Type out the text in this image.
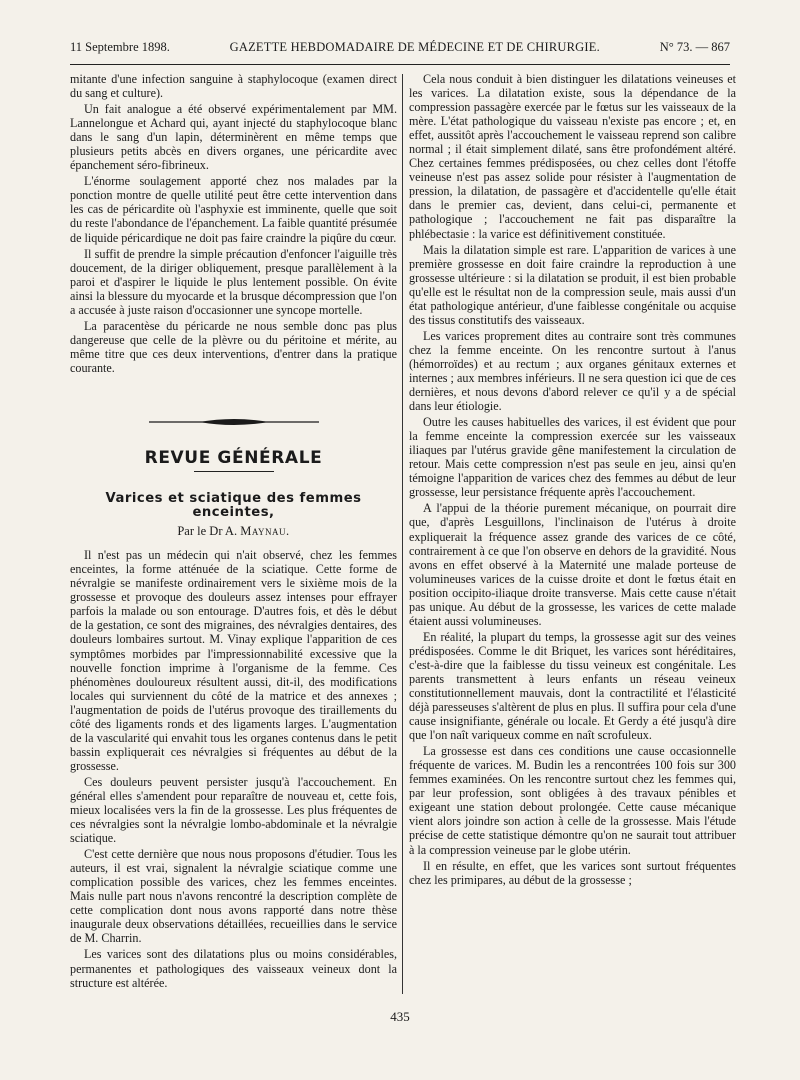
11 Septembre 1898.	GAZETTE HEBDOMADAIRE DE MÉDECINE ET DE CHIRURGIE.	N° 73. — 867

mitante d'une infection sanguine à staphylocoque (examen direct du sang et culture).

Un fait analogue a été observé expérimentalement par MM. Lannelongue et Achard qui, ayant injecté du staphylocoque blanc dans le sang d'un lapin, déterminèrent en même temps que plusieurs petits abcès en divers organes, une péricardite avec épanchement séro-fibrineux.

L'énorme soulagement apporté chez nos malades par la ponction montre de quelle utilité peut être cette intervention dans les cas de péricardite où l'asphyxie est imminente, quelle que soit du reste l'abondance de l'épanchement. La faible quantité présumée de liquide péricardique ne doit pas faire craindre la piqûre du cœur.

Il suffit de prendre la simple précaution d'enfoncer l'aiguille très doucement, de la diriger obliquement, presque parallèlement à la paroi et d'aspirer le liquide le plus lentement possible. On évite ainsi la blessure du myocarde et la brusque décompression que l'on a accusée à juste raison d'occasionner une syncope mortelle.

La paracentèse du péricarde ne nous semble donc pas plus dangereuse que celle de la plèvre ou du péritoine et mérite, au même titre que ces deux interventions, d'entrer dans la pratique courante.

REVUE GÉNÉRALE
Varices et sciatique des femmes enceintes,
Par le Dr A. Maynau.

Il n'est pas un médecin qui n'ait observé, chez les femmes enceintes, la forme atténuée de la sciatique. Cette forme de névralgie se manifeste ordinairement vers le sixième mois de la grossesse et provoque des douleurs assez intenses pour effrayer parfois la malade ou son entourage. D'autres fois, et dès le début de la gestation, ce sont des migraines, des névralgies dentaires, des douleurs lombaires surtout. M. Vinay explique l'apparition de ces symptômes morbides par l'impressionnabilité excessive que la nouvelle fonction imprime à l'organisme de la femme. Ces phénomènes douloureux résultent aussi, dit-il, des modifications locales qui surviennent du côté de la matrice et des annexes ; l'augmentation de poids de l'utérus provoque des tiraillements du côté des ligaments ronds et des ligaments larges. L'augmentation de la vascularité qui envahit tous les organes contenus dans le petit bassin expliquerait ces névralgies si fréquentes au début de la grossesse.

Ces douleurs peuvent persister jusqu'à l'accouchement. En général elles s'amendent pour reparaître de nouveau et, cette fois, mieux localisées vers la fin de la grossesse. Les plus fréquentes de ces névralgies sont la névralgie lombo-abdominale et la névralgie sciatique.

C'est cette dernière que nous nous proposons d'étudier. Tous les auteurs, il est vrai, signalent la névralgie sciatique comme une complication possible des varices, chez les femmes enceintes. Mais nulle part nous n'avons rencontré la description complète de cette complication dont nous avons rapporté dans notre thèse inaugurale deux observations détaillées, recueillies dans le service de M. Charrin.

Les varices sont des dilatations plus ou moins considérables, permanentes et pathologiques des vaisseaux veineux dont la structure est altérée.

Cela nous conduit à bien distinguer les dilatations veineuses et les varices. La dilatation existe, sous la dépendance de la compression passagère exercée par le fœtus sur les vaisseaux de la mère. L'état pathologique du vaisseau n'existe pas encore ; et, en effet, aussitôt après l'accouchement le vaisseau reprend son calibre normal ; il était simplement dilaté, sans être profondément altéré. Chez certaines femmes prédisposées, ou chez celles dont l'étoffe veineuse n'est pas assez solide pour résister à l'augmentation de pression, la dilatation, de passagère et d'accidentelle qu'elle était dans le premier cas, devient, dans celui-ci, permanente et pathologique ; l'accouchement ne fait pas disparaître la phlébectasie : la varice est définitivement constituée.

Mais la dilatation simple est rare. L'apparition de varices à une première grossesse en doit faire craindre la reproduction à une grossesse ultérieure : si la dilatation se produit, il est bien probable qu'elle est le résultat non de la compression seule, mais aussi d'un état pathologique antérieur, d'une faiblesse congénitale ou acquise des tissus constitutifs des vaisseaux.

Les varices proprement dites au contraire sont très communes chez la femme enceinte. On les rencontre surtout à l'anus (hémorroïdes) et au rectum ; aux organes génitaux externes et internes ; aux membres inférieurs. Il ne sera question ici que de ces dernières, et nous devons d'abord relever ce qu'il y a de spécial dans leur étiologie.

Outre les causes habituelles des varices, il est évident que pour la femme enceinte la compression exercée sur les vaisseaux iliaques par l'utérus gravide gêne manifestement la circulation de retour. Mais cette compression n'est pas seule en jeu, ainsi qu'en témoigne l'apparition de varices chez des femmes au début de leur grossesse, leur persistance fréquente après l'accouchement.

A l'appui de la théorie purement mécanique, on pourrait dire que, d'après Lesguillons, l'inclinaison de l'utérus à droite expliquerait la fréquence assez grande des varices de ce côté, contrairement à ce que l'on observe en dehors de la gravidité. Nous avons en effet observé à la Maternité une malade porteuse de volumineuses varices de la cuisse droite et dont le fœtus était en position occipito-iliaque droite transverse. Mais cette cause n'était pas unique. Au début de la grossesse, les varices de cette malade étaient aussi volumineuses.

En réalité, la plupart du temps, la grossesse agit sur des veines prédisposées. Comme le dit Briquet, les varices sont héréditaires, c'est-à-dire que la faiblesse du tissu veineux est congénitale. Les parents transmettent à leurs enfants un réseau veineux constitutionnellement mauvais, dont la contractilité et l'élasticité déjà paresseuses s'altèrent de plus en plus. Il suffira pour cela d'une cause insignifiante, générale ou locale. Et Gerdy a été jusqu'à dire que l'on naît variqueux comme en naît scrofuleux.

La grossesse est dans ces conditions une cause occasionnelle fréquente de varices. M. Budin les a rencontrées 100 fois sur 300 femmes examinées. On les rencontre surtout chez les femmes qui, par leur profession, sont obligées à des travaux pénibles et exigeant une station debout prolongée. Cette cause mécanique vient alors joindre son action à celle de la grossesse. Mais l'étude précise de cette statistique démontre qu'on ne saurait tout attribuer à la compression veineuse par le globe utérin.

Il en résulte, en effet, que les varices sont surtout fréquentes chez les primipares, au début de la grossesse ;

435
